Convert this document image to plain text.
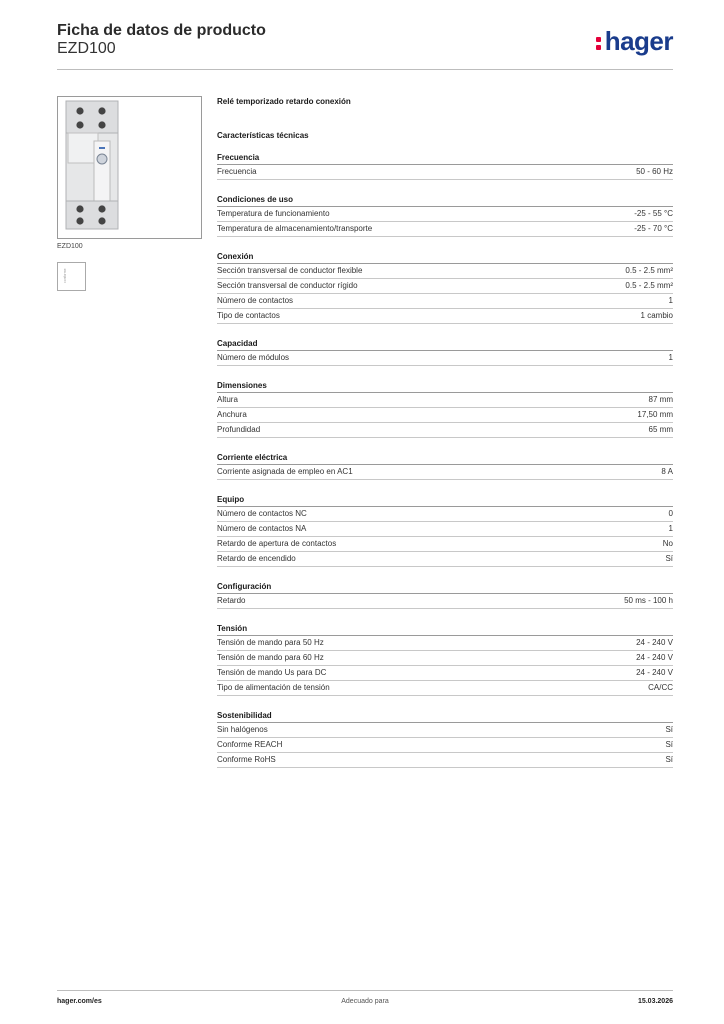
Ficha de datos de producto
EZD100	hager
EZD100
conforme

Relé temporizado retardo conexión

Características técnicas

Frecuencia
Frecuencia	50 - 60 Hz
Condiciones de uso
Temperatura de funcionamiento	-25 - 55 °C
Temperatura de almacenamiento/transporte	-25 - 70 °C
Conexión
Sección transversal de conductor flexible	0.5 - 2.5 mm²
Sección transversal de conductor rígido	0.5 - 2.5 mm²
Número de contactos	1
Tipo de contactos	1 cambio
Capacidad
Número de módulos	1
Dimensiones
Altura	87 mm
Anchura	17,50 mm
Profundidad	65 mm
Corriente eléctrica
Corriente asignada de empleo en AC1	8 A
Equipo
Número de contactos NC	0
Número de contactos NA	1
Retardo de apertura de contactos	No
Retardo de encendido	Sí
Configuración
Retardo	50 ms - 100 h
Tensión
Tensión de mando para 50 Hz	24 - 240 V
Tensión de mando para 60 Hz	24 - 240 V
Tensión de mando Us para DC	24 - 240 V
Tipo de alimentación de tensión	CA/CC
Sostenibilidad
Sin halógenos	Sí
Conforme REACH	Sí
Conforme RoHS	Sí
hager.com/es	Adecuado para	15.03.2026
